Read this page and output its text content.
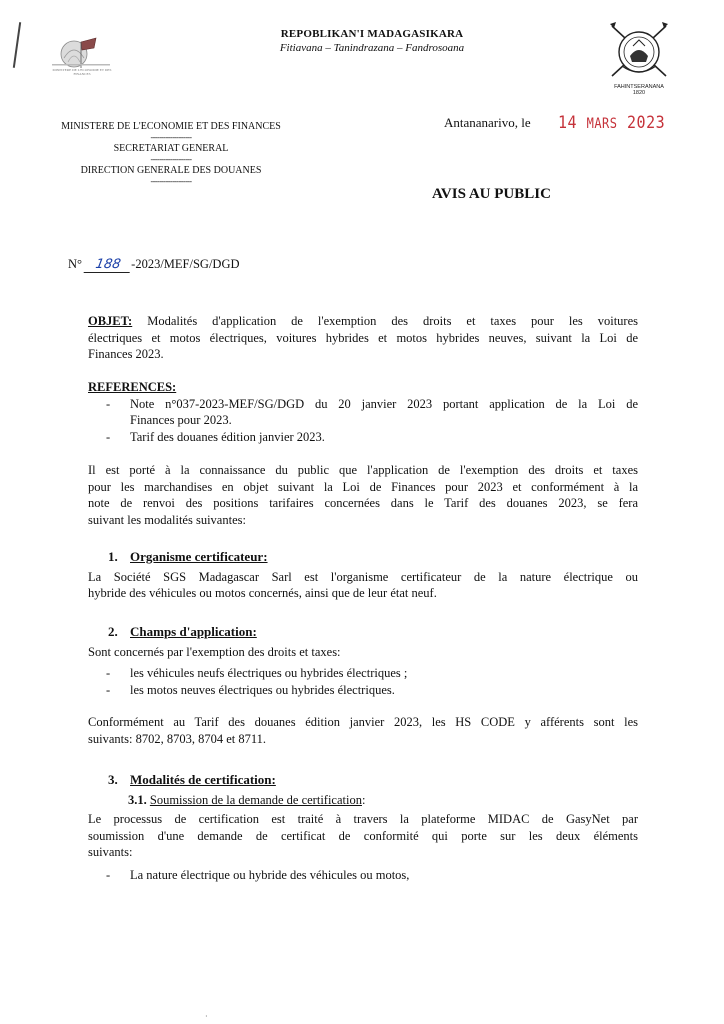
MINISTERE DE L'ECONOMIE ET DES FINANCES
REPOBLIKAN'I MADAGASIKARA
Fitiavana – Tanindrazana – Fandrosoana
FAHINTSERANANA
1820
MINISTERE DE L'ECONOMIE ET DES FINANCES
-------------------
SECRETARIAT GENERAL
-------------------
DIRECTION GENERALE DES DOUANES
-------------------
Antananarivo, le 14 MARS 2023
AVIS AU PUBLIC
N° 188 -2023/MEF/SG/DGD
OBJET: Modalités d'application de l'exemption des droits et taxes pour les voitures
électriques et motos électriques, voitures hybrides et motos hybrides neuves, suivant la Loi de
Finances 2023.
REFERENCES:
- Note n°037-2023-MEF/SG/DGD du 20 janvier 2023 portant application de la Loi de
Finances pour 2023.
- Tarif des douanes édition janvier 2023.
Il est porté à la connaissance du public que l'application de l'exemption des droits et taxes
pour les marchandises en objet suivant la Loi de Finances pour 2023 et conformément à la
note de renvoi des positions tarifaires concernées dans le Tarif des douanes 2023, se fera
suivant les modalités suivantes:
1. Organisme certificateur:
La Société SGS Madagascar Sarl est l'organisme certificateur de la nature électrique ou
hybride des véhicules ou motos concernés, ainsi que de leur état neuf.
2. Champs d'application:
Sont concernés par l'exemption des droits et taxes:
- les véhicules neufs électriques ou hybrides électriques ;
- les motos neuves électriques ou hybrides électriques.
Conformément au Tarif des douanes édition janvier 2023, les HS CODE y afférents sont les
suivants: 8702, 8703, 8704 et 8711.
3. Modalités de certification:
3.1. Soumission de la demande de certification:
Le processus de certification est traité à travers la plateforme MIDAC de GasyNet par
soumission d'une demande de certificat de conformité qui porte sur les deux éléments
suivants:
- La nature électrique ou hybride des véhicules ou motos,
·
